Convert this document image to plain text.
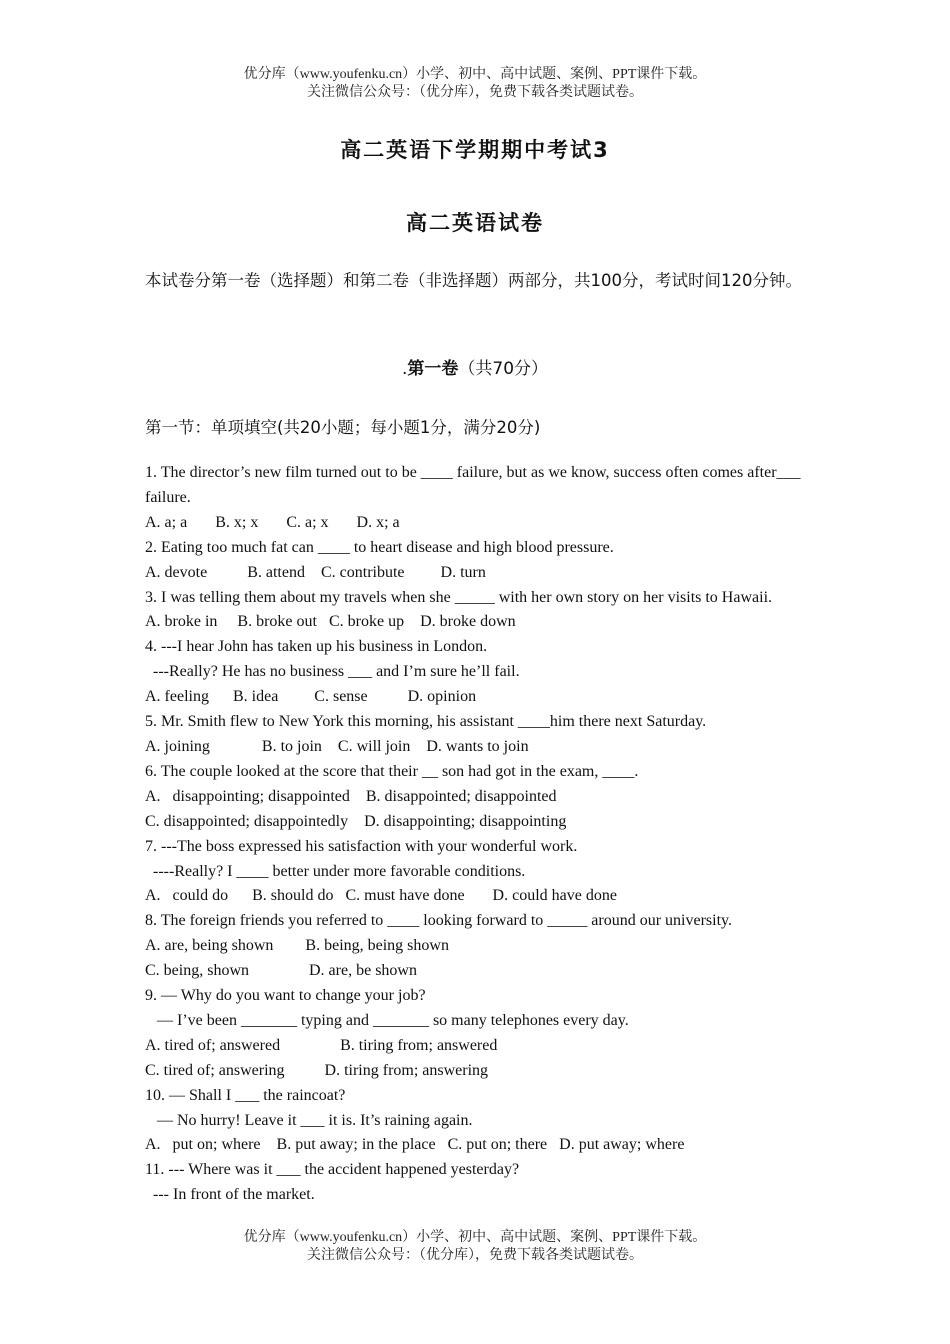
优分库（www.youfenku.cn）小学、初中、高中试题、案例、PPT课件下载。
关注微信公众号：（优分库），免费下载各类试题试卷。
高二英语下学期期中考试3
高二英语试卷
本试卷分第一卷（选择题）和第二卷（非选择题）两部分，共100分，考试时间120分钟。
.第一卷（共70分）
第一节：单项填空(共20小题；每小题1分，满分20分)
1. The director’s new film turned out to be ____ failure, but as we know, success often comes after___ failure.
A. a; a       B. x; x       C. a; x       D. x; a
2. Eating too much fat can ____ to heart disease and high blood pressure.
A. devote          B. attend    C. contribute         D. turn
3. I was telling them about my travels when she _____ with her own story on her visits to Hawaii.
A. broke in     B. broke out   C. broke up    D. broke down
4. ---I hear John has taken up his business in London.
---Really? He has no business ___ and I’m sure he’ll fail.
A. feeling      B. idea         C. sense          D. opinion
5. Mr. Smith flew to New York this morning, his assistant ____him there next Saturday.
A. joining             B. to join    C. will join    D. wants to join
6. The couple looked at the score that their __ son had got in the exam, ____.
A.   disappointing; disappointed    B. disappointed; disappointed
C. disappointed; disappointedly    D. disappointing; disappointing
7. ---The boss expressed his satisfaction with your wonderful work.
----Really? I ____ better under more favorable conditions.
A.   could do      B. should do   C. must have done       D. could have done
8. The foreign friends you referred to ____ looking forward to _____ around our university.
A. are, being shown        B. being, being shown
C. being, shown               D. are, be shown
9. — Why do you want to change your job?
— I’ve been _______ typing and _______ so many telephones every day.
A. tired of; answered               B. tiring from; answered
C. tired of; answering          D. tiring from; answering
10. — Shall I ___ the raincoat?
— No hurry! Leave it ___ it is. It’s raining again.
A.   put on; where    B. put away; in the place   C. put on; there   D. put away; where
11. --- Where was it ___ the accident happened yesterday?
--- In front of the market.
优分库（www.youfenku.cn）小学、初中、高中试题、案例、PPT课件下载。
关注微信公众号：（优分库），免费下载各类试题试卷。
